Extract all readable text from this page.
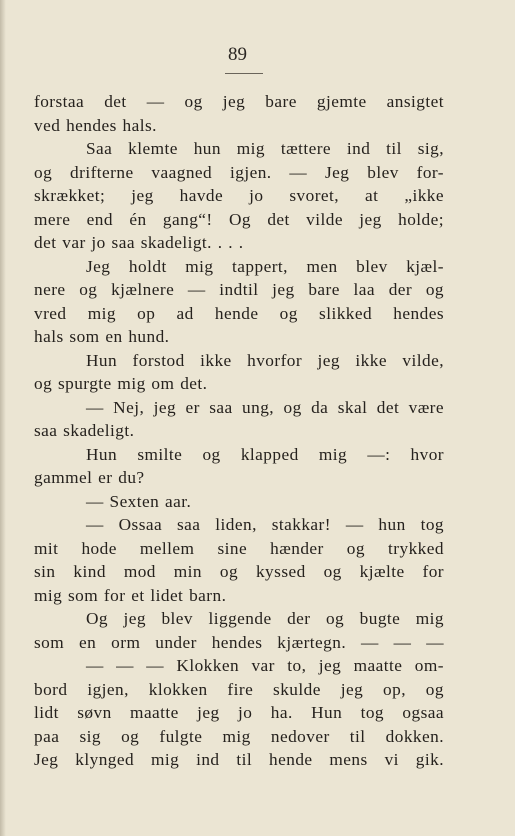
89
forstaa det — og jeg bare gjemte ansigtet
ved hendes hals.
Saa klemte hun mig tættere ind til sig,
og drifterne vaagned igjen. — Jeg blev for-
skrækket; jeg havde jo svoret, at „ikke
mere end én gang“! Og det vilde jeg holde;
det var jo saa skadeligt. . . .
Jeg holdt mig tappert, men blev kjæl-
nere og kjælnere — indtil jeg bare laa der og
vred mig op ad hende og slikked hendes
hals som en hund.
Hun forstod ikke hvorfor jeg ikke vilde,
og spurgte mig om det.
— Nej, jeg er saa ung, og da skal det være
saa skadeligt.
Hun smilte og klapped mig —: hvor
gammel er du?
— Sexten aar.
— Ossaa saa liden, stakkar! — hun tog
mit hode mellem sine hænder og trykked
sin kind mod min og kyssed og kjælte for
mig som for et lidet barn.
Og jeg blev liggende der og bugte mig
som en orm under hendes kjærtegn. — — —
— — — Klokken var to, jeg maatte om-
bord igjen, klokken fire skulde jeg op, og
lidt søvn maatte jeg jo ha. Hun tog ogsaa
paa sig og fulgte mig nedover til dokken.
Jeg klynged mig ind til hende mens vi gik.
